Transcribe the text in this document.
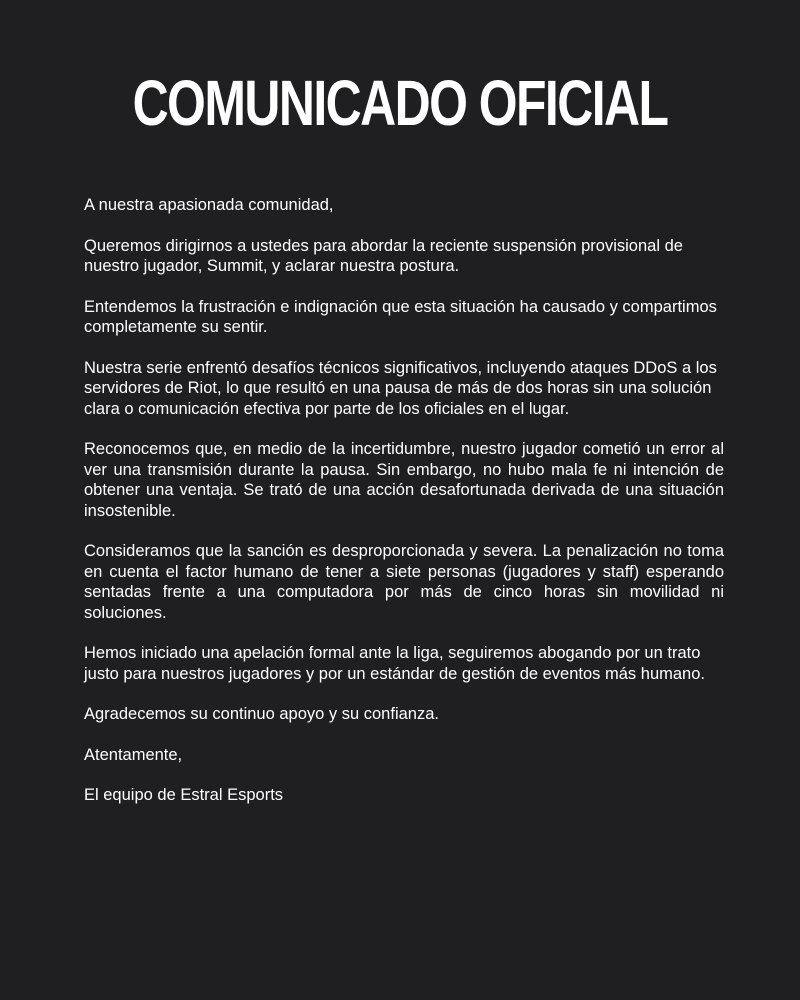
COMUNICADO OFICIAL

A nuestra apasionada comunidad,

Queremos dirigirnos a ustedes para abordar la reciente suspensión provisional de nuestro jugador, Summit, y aclarar nuestra postura.

Entendemos la frustración e indignación que esta situación ha causado y compartimos completamente su sentir.

Nuestra serie enfrentó desafíos técnicos significativos, incluyendo ataques DDoS a los servidores de Riot, lo que resultó en una pausa de más de dos horas sin una solución clara o comunicación efectiva por parte de los oficiales en el lugar.

Reconocemos que, en medio de la incertidumbre, nuestro jugador cometió un error al ver una transmisión durante la pausa. Sin embargo, no hubo mala fe ni intención de obtener una ventaja. Se trató de una acción desafortunada derivada de una situación insostenible.

Consideramos que la sanción es desproporcionada y severa. La penalización no toma en cuenta el factor humano de tener a siete personas (jugadores y staff) esperando sentadas frente a una computadora por más de cinco horas sin movilidad ni soluciones.

Hemos iniciado una apelación formal ante la liga, seguiremos abogando por un trato justo para nuestros jugadores y por un estándar de gestión de eventos más humano.

Agradecemos su continuo apoyo y su confianza.

Atentamente,

El equipo de Estral Esports
